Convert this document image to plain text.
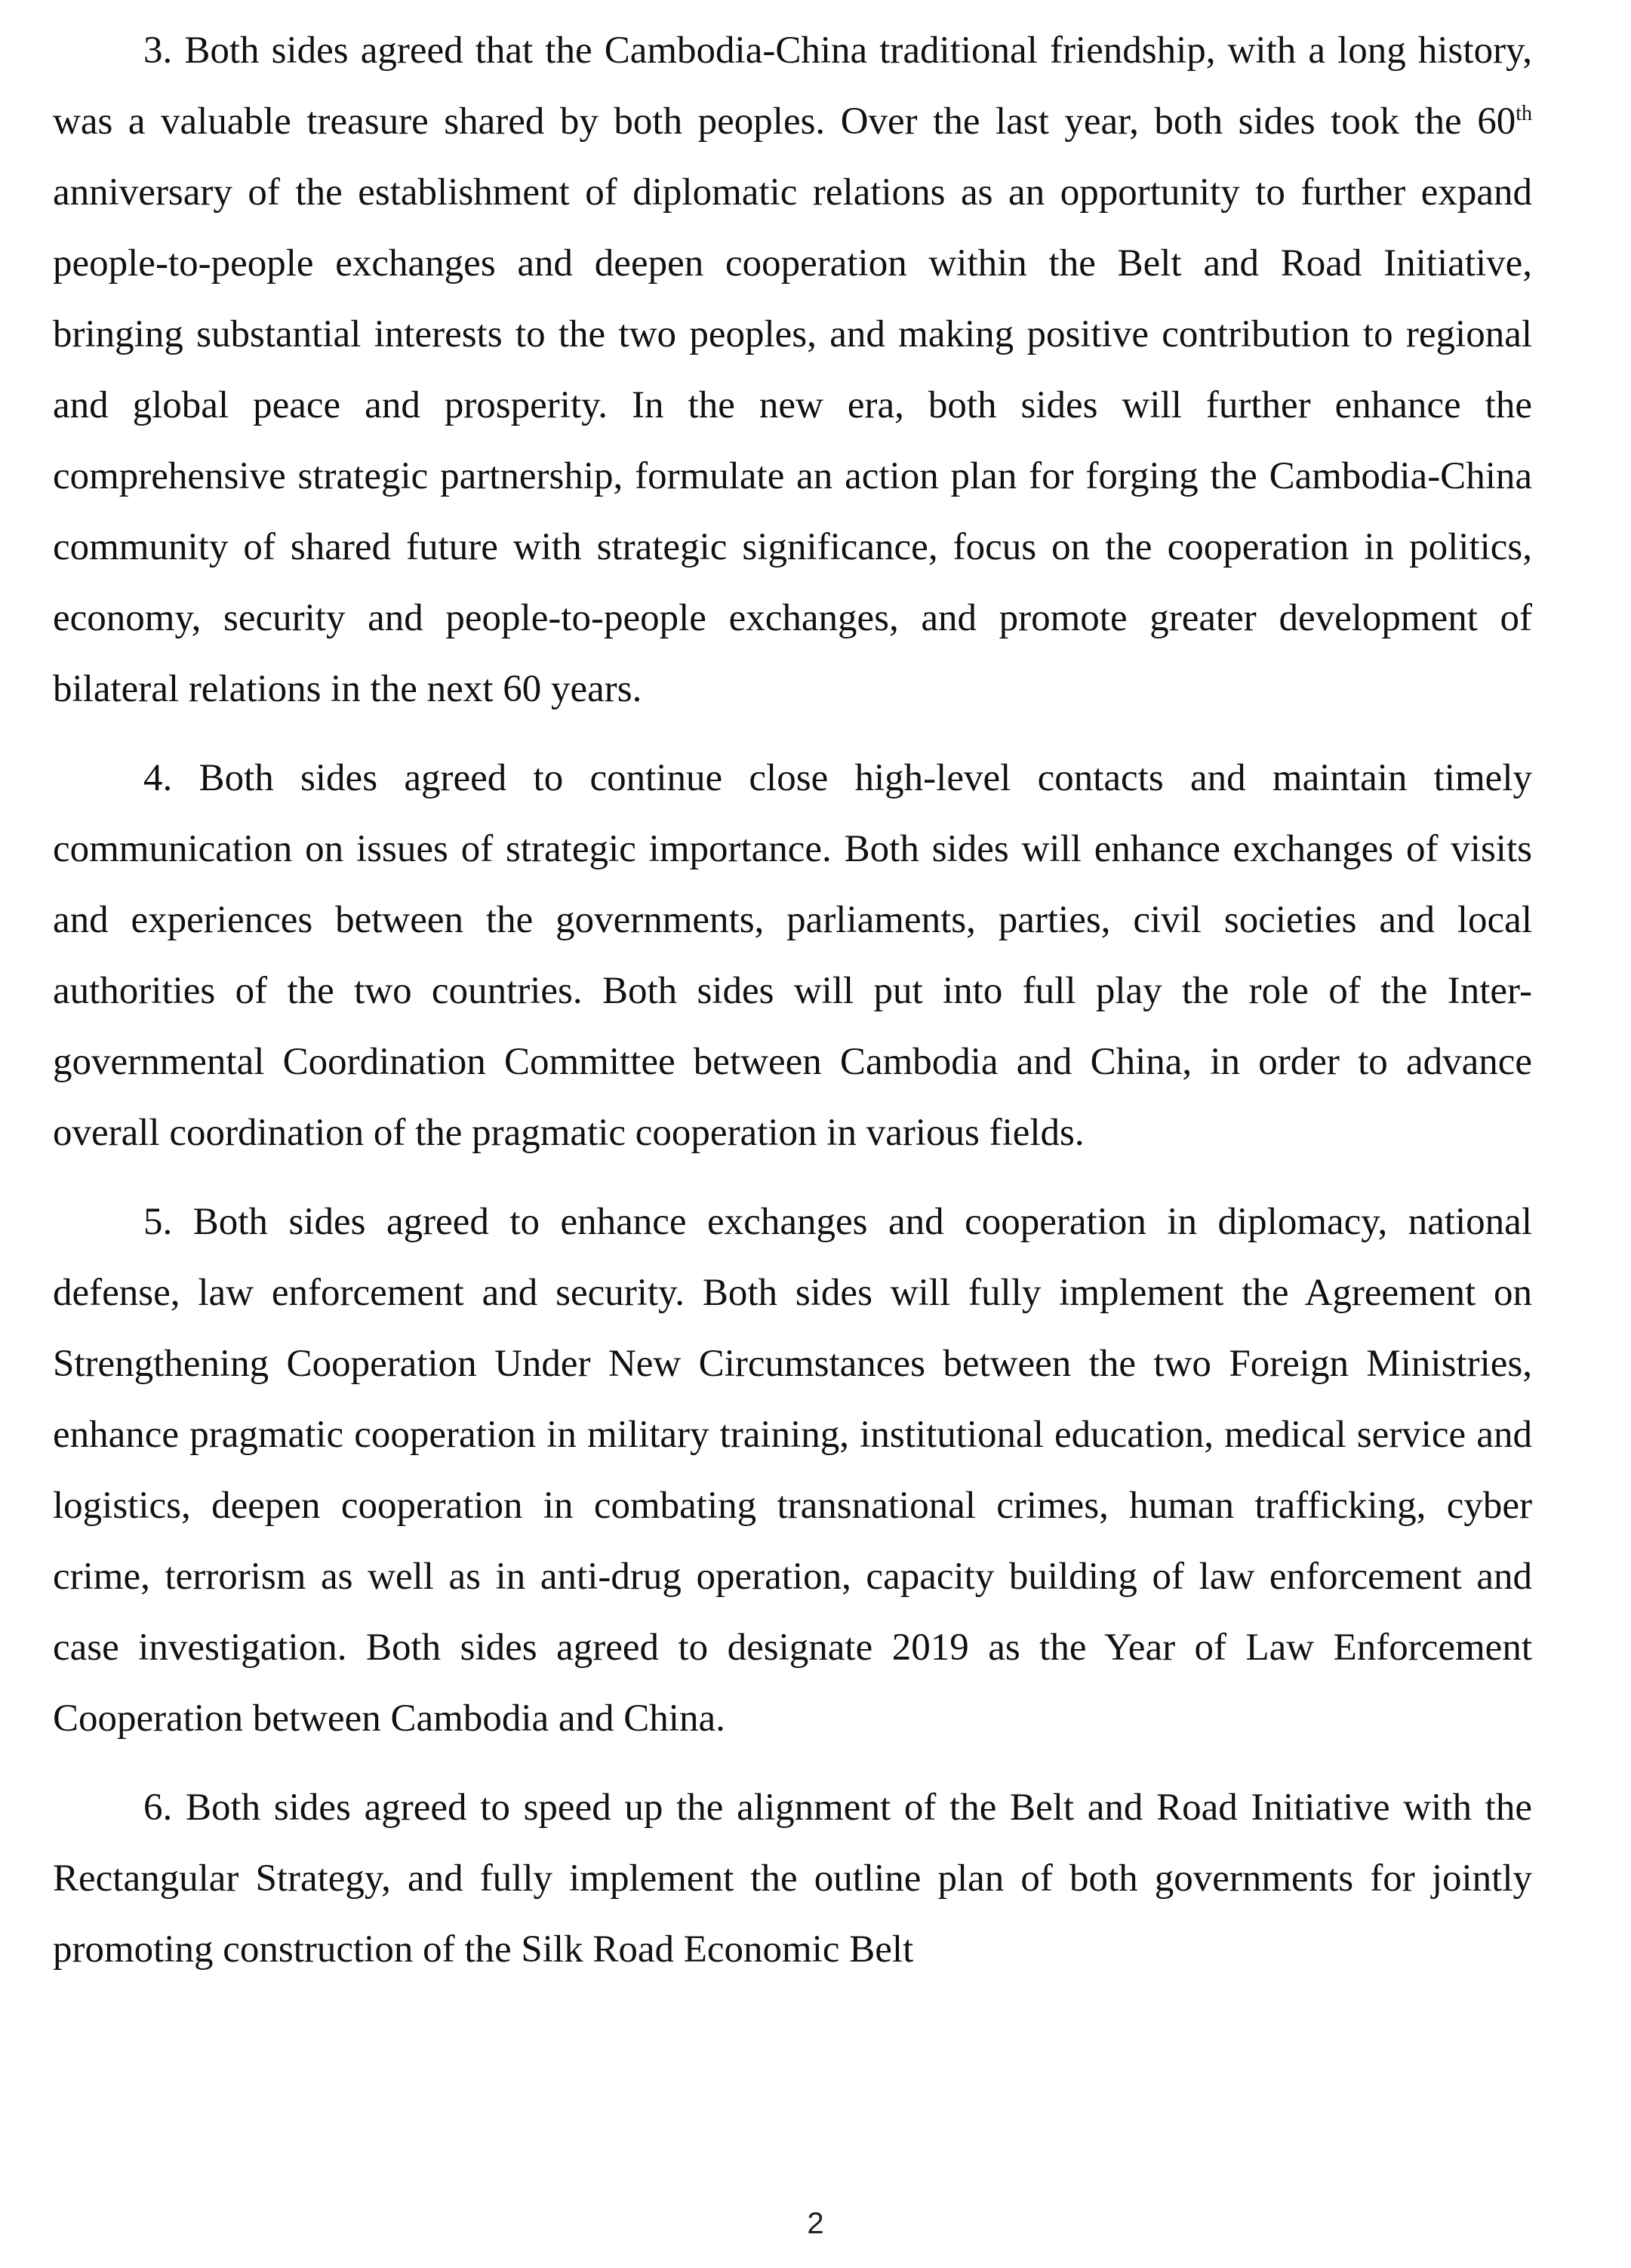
3. Both sides agreed that the Cambodia-China traditional friendship, with a long history, was a valuable treasure shared by both peoples. Over the last year, both sides took the 60th anniversary of the establishment of diplomatic relations as an opportunity to further expand people-to-people exchanges and deepen cooperation within the Belt and Road Initiative, bringing substantial interests to the two peoples, and making positive contribution to regional and global peace and prosperity. In the new era, both sides will further enhance the comprehensive strategic partnership, formulate an action plan for forging the Cambodia-China community of shared future with strategic significance, focus on the cooperation in politics, economy, security and people-to-people exchanges, and promote greater development of bilateral relations in the next 60 years.

4. Both sides agreed to continue close high-level contacts and maintain timely communication on issues of strategic importance. Both sides will enhance exchanges of visits and experiences between the governments, parliaments, parties, civil societies and local authorities of the two countries. Both sides will put into full play the role of the Inter-governmental Coordination Committee between Cambodia and China, in order to advance overall coordination of the pragmatic cooperation in various fields.

5. Both sides agreed to enhance exchanges and cooperation in diplomacy, national defense, law enforcement and security. Both sides will fully implement the Agreement on Strengthening Cooperation Under New Circumstances between the two Foreign Ministries, enhance pragmatic cooperation in military training, institutional education, medical service and logistics, deepen cooperation in combating transnational crimes, human trafficking, cyber crime, terrorism as well as in anti-drug operation, capacity building of law enforcement and case investigation. Both sides agreed to designate 2019 as the Year of Law Enforcement Cooperation between Cambodia and China.

6. Both sides agreed to speed up the alignment of the Belt and Road Initiative with the Rectangular Strategy, and fully implement the outline plan of both governments for jointly promoting construction of the Silk Road Economic Belt

2
